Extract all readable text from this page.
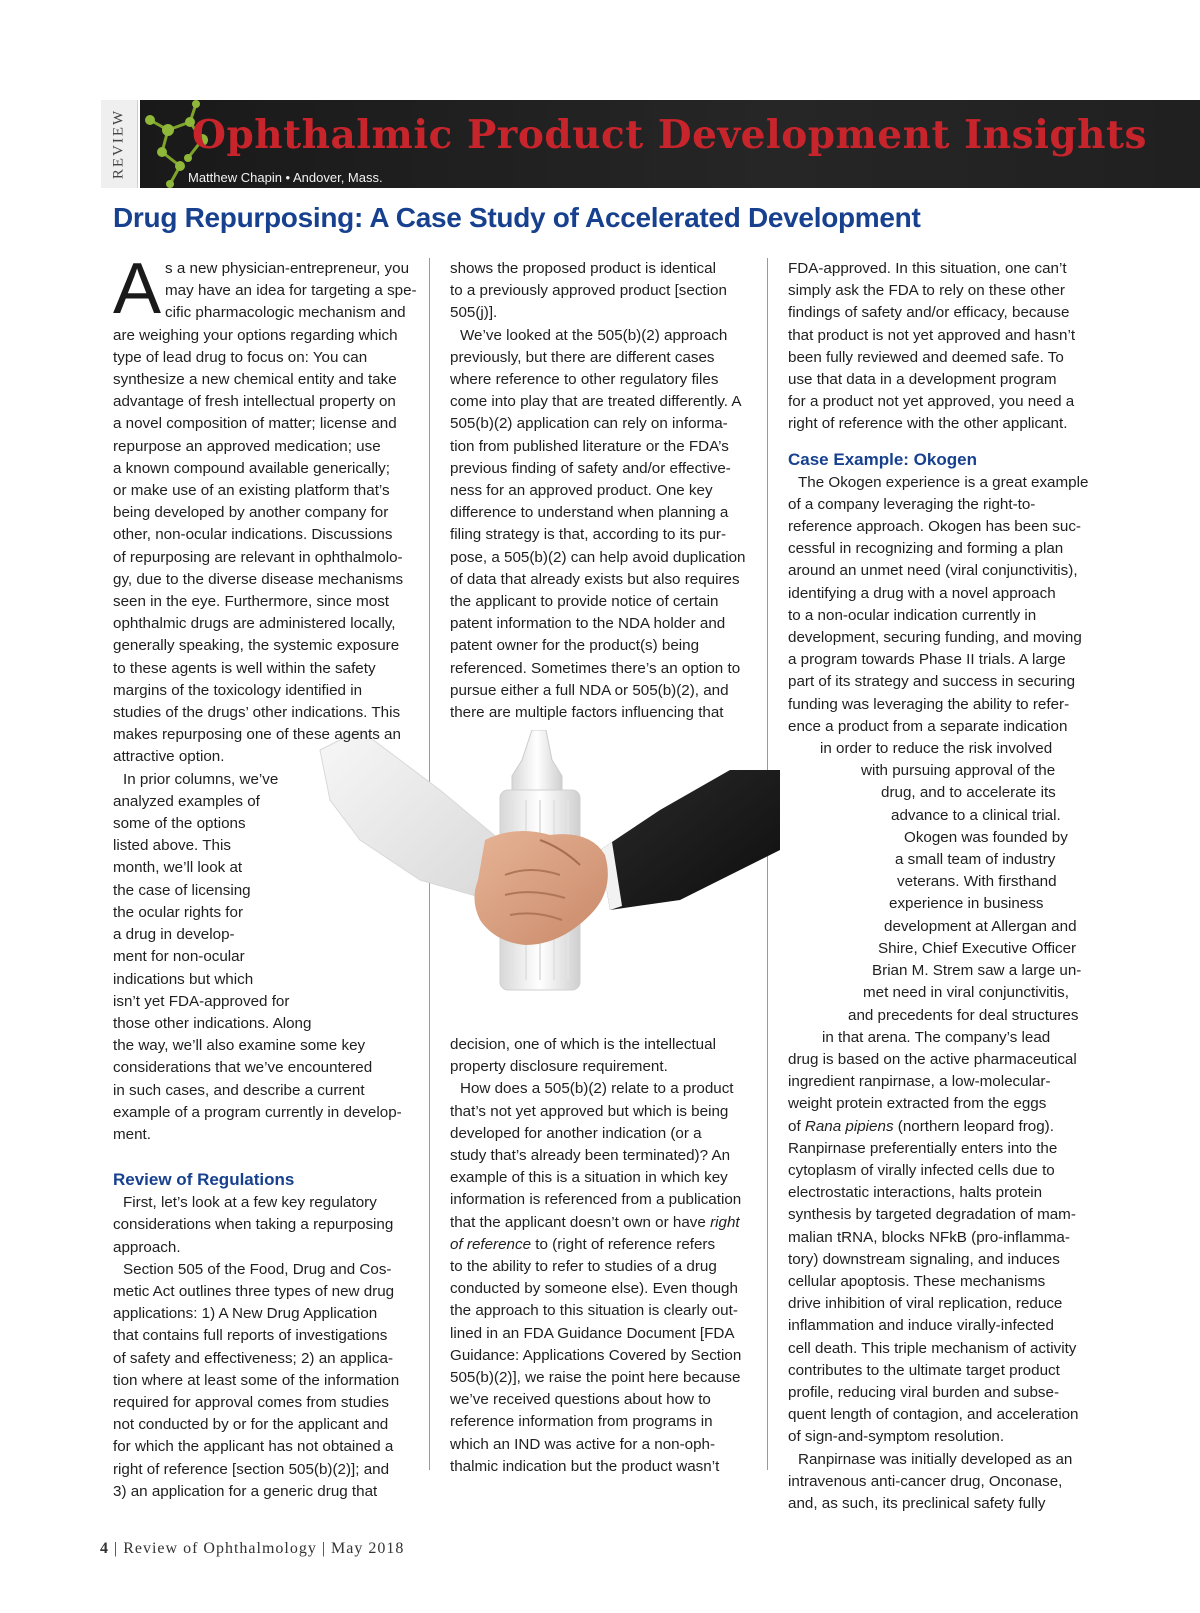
REVIEW Ophthalmic Product Development Insights
Matthew Chapin • Andover, Mass.
Drug Repurposing: A Case Study of Accelerated Development
A s a new physician-entrepreneur, you
may have an idea for targeting a spe-
cific pharmacologic mechanism and
are weighing your options regarding which
type of lead drug to focus on: You can
synthesize a new chemical entity and take
advantage of fresh intellectual property on
a novel composition of matter; license and
repurpose an approved medication; use
a known compound available generically;
or make use of an existing platform that’s
being developed by another company for
other, non-ocular indications. Discussions
of repurposing are relevant in ophthalmolo-
gy, due to the diverse disease mechanisms
seen in the eye. Furthermore, since most
ophthalmic drugs are administered locally,
generally speaking, the systemic exposure
to these agents is well within the safety
margins of the toxicology identified in
studies of the drugs’ other indications. This
makes repurposing one of these agents an
attractive option.
In prior columns, we’ve
analyzed examples of
some of the options
listed above. This
month, we’ll look at
the case of licensing
the ocular rights for
a drug in develop-
ment for non-ocular
indications but which
isn’t yet FDA-approved for
those other indications. Along
the way, we’ll also examine some key
considerations that we’ve encountered
in such cases, and describe a current
example of a program currently in develop-
ment.
Review of Regulations
First, let’s look at a few key regulatory
considerations when taking a repurposing
approach.
Section 505 of the Food, Drug and Cos-
metic Act outlines three types of new drug
applications: 1) A New Drug Application
that contains full reports of investigations
of safety and effectiveness; 2) an applica-
tion where at least some of the information
required for approval comes from studies
not conducted by or for the applicant and
for which the applicant has not obtained a
right of reference [section 505(b)(2)]; and
3) an application for a generic drug that
shows the proposed product is identical
to a previously approved product [section
505(j)].
We’ve looked at the 505(b)(2) approach
previously, but there are different cases
where reference to other regulatory files
come into play that are treated differently. A
505(b)(2) application can rely on informa-
tion from published literature or the FDA’s
previous finding of safety and/or effective-
ness for an approved product. One key
difference to understand when planning a
filing strategy is that, according to its pur-
pose, a 505(b)(2) can help avoid duplication
of data that already exists but also requires
the applicant to provide notice of certain
patent information to the NDA holder and
patent owner for the product(s) being
referenced. Sometimes there’s an option to
pursue either a full NDA or 505(b)(2), and
there are multiple factors influencing that
decision, one of which is the intellectual
property disclosure requirement.
How does a 505(b)(2) relate to a product
that’s not yet approved but which is being
developed for another indication (or a
study that’s already been terminated)? An
example of this is a situation in which key
information is referenced from a publication
that the applicant doesn’t own or have right
of reference to (right of reference refers
to the ability to refer to studies of a drug
conducted by someone else). Even though
the approach to this situation is clearly out-
lined in an FDA Guidance Document [FDA
Guidance: Applications Covered by Section
505(b)(2)], we raise the point here because
we’ve received questions about how to
reference information from programs in
which an IND was active for a non-oph-
thalmic indication but the product wasn’t
FDA-approved. In this situation, one can’t
simply ask the FDA to rely on these other
findings of safety and/or efficacy, because
that product is not yet approved and hasn’t
been fully reviewed and deemed safe. To
use that data in a development program
for a product not yet approved, you need a
right of reference with the other applicant.
Case Example: Okogen
The Okogen experience is a great example
of a company leveraging the right-to-
reference approach. Okogen has been suc-
cessful in recognizing and forming a plan
around an unmet need (viral conjunctivitis),
identifying a drug with a novel approach
to a non-ocular indication currently in
development, securing funding, and moving
a program towards Phase II trials. A large
part of its strategy and success in securing
funding was leveraging the ability to refer-
ence a product from a separate indication
in order to reduce the risk involved
with pursuing approval of the
drug, and to accelerate its
advance to a clinical trial.
Okogen was founded by
a small team of industry
veterans. With firsthand
experience in business
development at Allergan and
Shire, Chief Executive Officer
Brian M. Strem saw a large un-
met need in viral conjunctivitis,
and precedents for deal structures
in that arena. The company’s lead
drug is based on the active pharmaceutical
ingredient ranpirnase, a low-molecular-
weight protein extracted from the eggs
of Rana pipiens (northern leopard frog).
Ranpirnase preferentially enters into the
cytoplasm of virally infected cells due to
electrostatic interactions, halts protein
synthesis by targeted degradation of mam-
malian tRNA, blocks NFkB (pro-inflamma-
tory) downstream signaling, and induces
cellular apoptosis. These mechanisms
drive inhibition of viral replication, reduce
inflammation and induce virally-infected
cell death. This triple mechanism of activity
contributes to the ultimate target product
profile, reducing viral burden and subse-
quent length of contagion, and acceleration
of sign-and-symptom resolution.
Ranpirnase was initially developed as an
intravenous anti-cancer drug, Onconase,
and, as such, its preclinical safety fully
4 | Review of Ophthalmology | May 2018
